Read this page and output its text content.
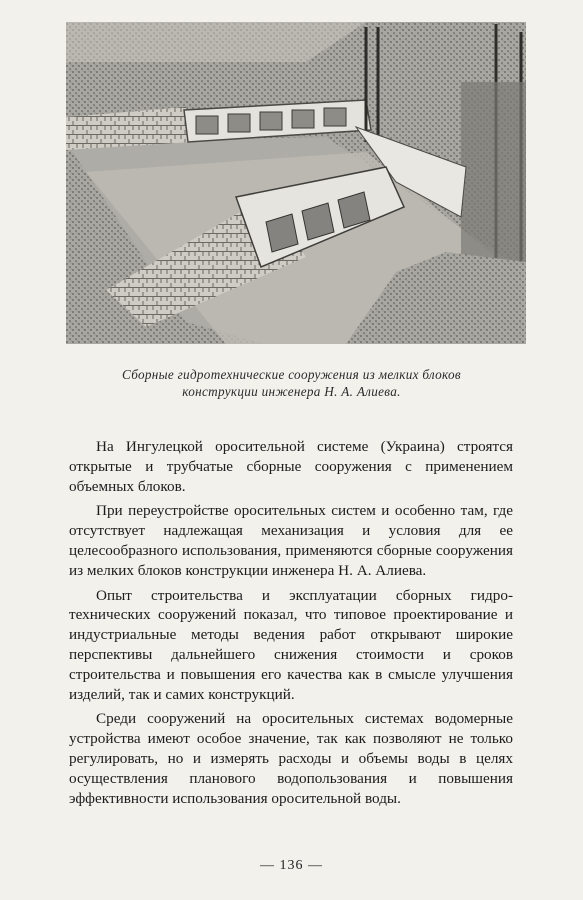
Сборные гидротехнические сооружения из мелких блоков
конструкции инженера Н. А. Алиева.

На Ингулецкой оросительной системе (Украина) строятся открытые и трубчатые сборные сооружения с применением объемных блоков.

При переустройстве оросительных систем и особенно там, где отсутствует надлежащая механизация и условия для ее целесообразного использования, применяются сборные сооружения из мелких блоков конструкции инженера Н. А. Алиева.

Опыт строительства и эксплуатации сборных гидротехнических сооружений показал, что типовое проектирование и индустриальные методы ведения работ открывают широкие перспективы дальнейшего снижения стоимости и сроков строительства и повышения его качества как в смысле улучшения изделий, так и самих конструкций.

Среди сооружений на оросительных системах водомерные устройства имеют особое значение, так как позволяют не только регулировать, но и измерять расходы и объемы воды в целях осуществления планового водопользования и повышения эффективности использования оросительной воды.

— 136 —
